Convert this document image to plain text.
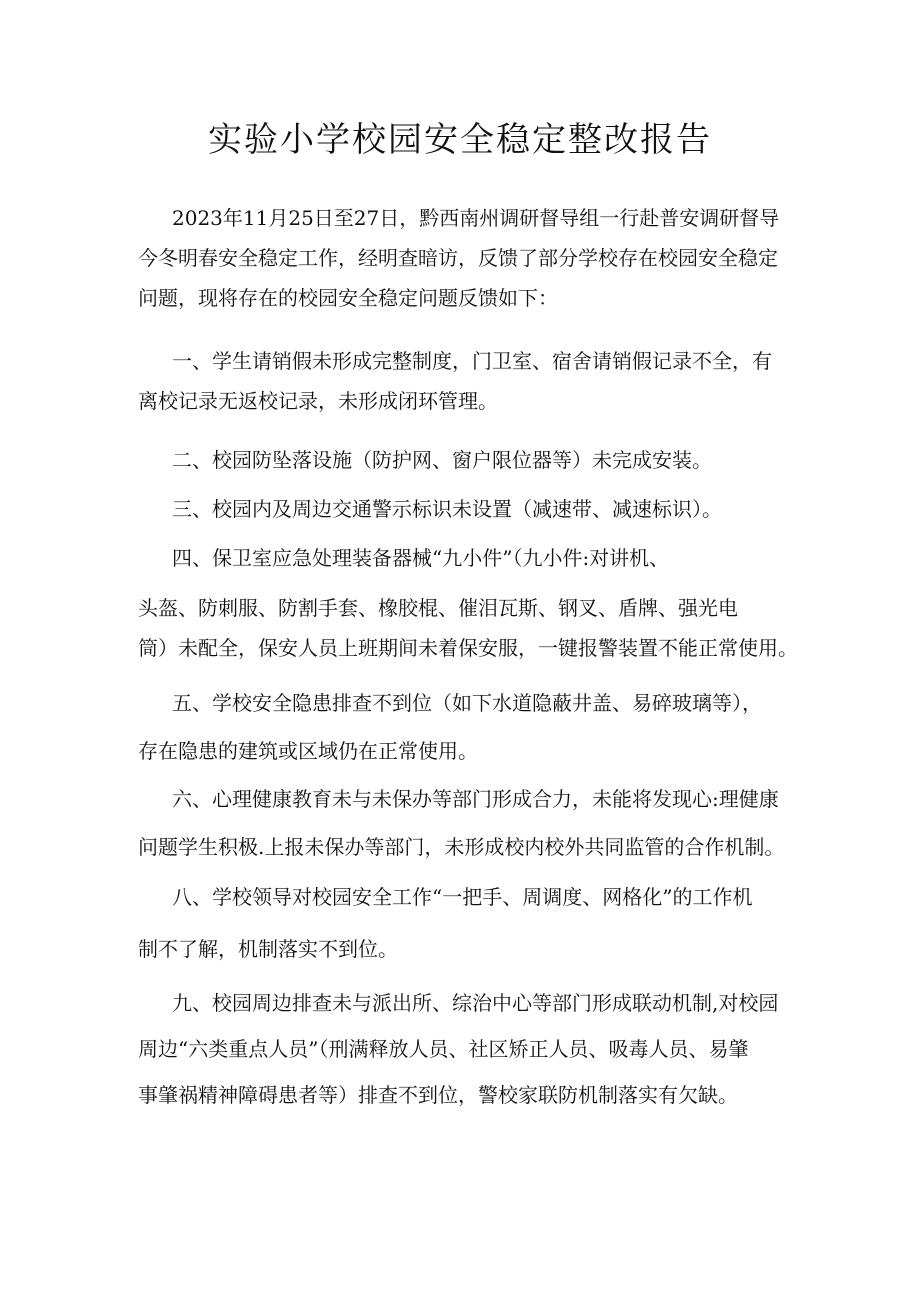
实验小学校园安全稳定整改报告
2023年11月25日至27日，黔西南州调研督导组一行赴普安调研督导
今冬明春安全稳定工作，经明查暗访，反馈了部分学校存在校园安全稳定
问题，现将存在的校园安全稳定问题反馈如下：
一、学生请销假未形成完整制度，门卫室、宿舍请销假记录不全，有
离校记录无返校记录，未形成闭环管理。
二、校园防坠落设施（防护网、窗户限位器等）未完成安装。
三、校园内及周边交通警示标识未设置（减速带、减速标识）。
四、保卫室应急处理装备器械“九小件”（九小件:对讲机、
头盔、防刺服、防割手套、橡胶棍、催泪瓦斯、钢叉、盾牌、强光电
筒）未配全，保安人员上班期间未着保安服，一键报警装置不能正常使用。
五、学校安全隐患排查不到位（如下水道隐蔽井盖、易碎玻璃等），
存在隐患的建筑或区域仍在正常使用。
六、心理健康教育未与未保办等部门形成合力，未能将发现心:理健康
问题学生积极.上报未保办等部门，未形成校内校外共同监管的合作机制。
八、学校领导对校园安全工作“一把手、周调度、网格化”的工作机
制不了解，机制落实不到位。
九、校园周边排查未与派出所、综治中心等部门形成联动机制,对校园
周边“六类重点人员”（刑满释放人员、社区矫正人员、吸毒人员、易肇
事肇祸精神障碍患者等）排查不到位，警校家联防机制落实有欠缺。
